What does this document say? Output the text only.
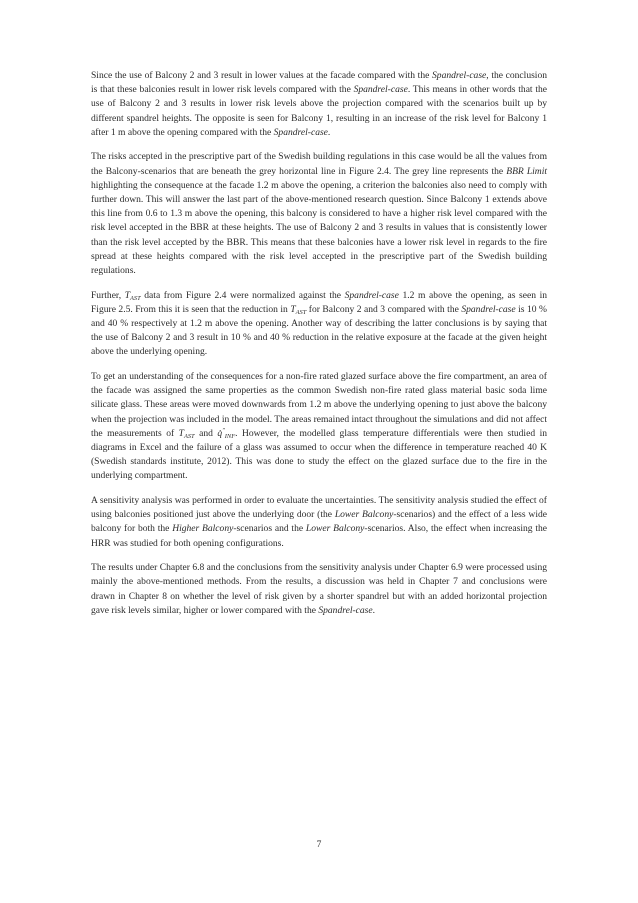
Since the use of Balcony 2 and 3 result in lower values at the facade compared with the Spandrel-case, the conclusion is that these balconies result in lower risk levels compared with the Spandrel-case. This means in other words that the use of Balcony 2 and 3 results in lower risk levels above the projection compared with the scenarios built up by different spandrel heights. The opposite is seen for Balcony 1, resulting in an increase of the risk level for Balcony 1 after 1 m above the opening compared with the Spandrel-case.

The risks accepted in the prescriptive part of the Swedish building regulations in this case would be all the values from the Balcony-scenarios that are beneath the grey horizontal line in Figure 2.4. The grey line represents the BBR Limit highlighting the consequence at the facade 1.2 m above the opening, a criterion the balconies also need to comply with further down. This will answer the last part of the above-mentioned research question. Since Balcony 1 extends above this line from 0.6 to 1.3 m above the opening, this balcony is considered to have a higher risk level compared with the risk level accepted in the BBR at these heights. The use of Balcony 2 and 3 results in values that is consistently lower than the risk level accepted by the BBR. This means that these balconies have a lower risk level in regards to the fire spread at these heights compared with the risk level accepted in the prescriptive part of the Swedish building regulations.

Further, $T_{AST}$ data from Figure 2.4 were normalized against the Spandrel-case 1.2 m above the opening, as seen in Figure 2.5. From this it is seen that the reduction in $T_{AST}$ for Balcony 2 and 3 compared with the Spandrel-case is 10 % and 40 % respectively at 1.2 m above the opening. Another way of describing the latter conclusions is by saying that the use of Balcony 2 and 3 result in 10 % and 40 % reduction in the relative exposure at the facade at the given height above the underlying opening.

To get an understanding of the consequences for a non-fire rated glazed surface above the fire compartment, an area of the facade was assigned the same properties as the common Swedish non-fire rated glass material basic soda lime silicate glass. These areas were moved downwards from 1.2 m above the underlying opening to just above the balcony when the projection was included in the model. The areas remained intact throughout the simulations and did not affect the measurements of $T_{AST}$ and $q̇''_{INF}$. However, the modelled glass temperature differentials were then studied in diagrams in Excel and the failure of a glass was assumed to occur when the difference in temperature reached 40 K (Swedish standards institute, 2012). This was done to study the effect on the glazed surface due to the fire in the underlying compartment.

A sensitivity analysis was performed in order to evaluate the uncertainties. The sensitivity analysis studied the effect of using balconies positioned just above the underlying door (the Lower Balcony-scenarios) and the effect of a less wide balcony for both the Higher Balcony-scenarios and the Lower Balcony-scenarios. Also, the effect when increasing the HRR was studied for both opening configurations.

The results under Chapter 6.8 and the conclusions from the sensitivity analysis under Chapter 6.9 were processed using mainly the above-mentioned methods. From the results, a discussion was held in Chapter 7 and conclusions were drawn in Chapter 8 on whether the level of risk given by a shorter spandrel but with an added horizontal projection gave risk levels similar, higher or lower compared with the Spandrel-case.

7
